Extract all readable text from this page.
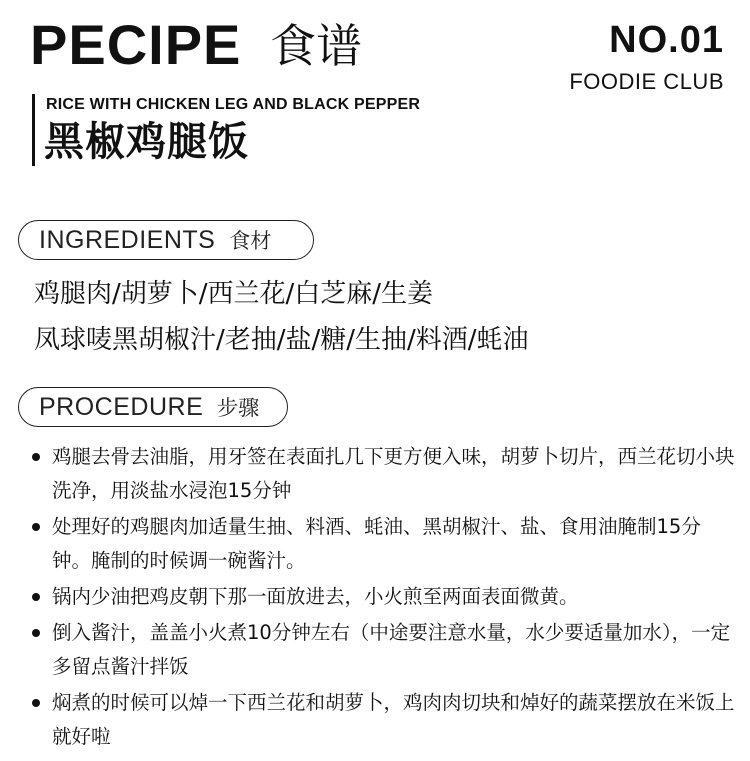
PECIPE 食谱	NO.01
FOODIE CLUB
RICE WITH CHICKEN LEG AND BLACK PEPPER
黑椒鸡腿饭
INGREDIENTS 食材
鸡腿肉/胡萝卜/西兰花/白芝麻/生姜
凤球唛黑胡椒汁/老抽/盐/糖/生抽/料酒/蚝油
PROCEDURE 步骤
鸡腿去骨去油脂，用牙签在表面扎几下更方便入味，胡萝卜切片，西兰花切小块洗净，用淡盐水浸泡15分钟
处理好的鸡腿肉加适量生抽、料酒、蚝油、黑胡椒汁、盐、食用油腌制15分钟。腌制的时候调一碗酱汁。
锅内少油把鸡皮朝下那一面放进去，小火煎至两面表面微黄。
倒入酱汁，盖盖小火煮10分钟左右（中途要注意水量，水少要适量加水），一定多留点酱汁拌饭
焖煮的时候可以焯一下西兰花和胡萝卜，鸡肉肉切块和焯好的蔬菜摆放在米饭上就好啦
